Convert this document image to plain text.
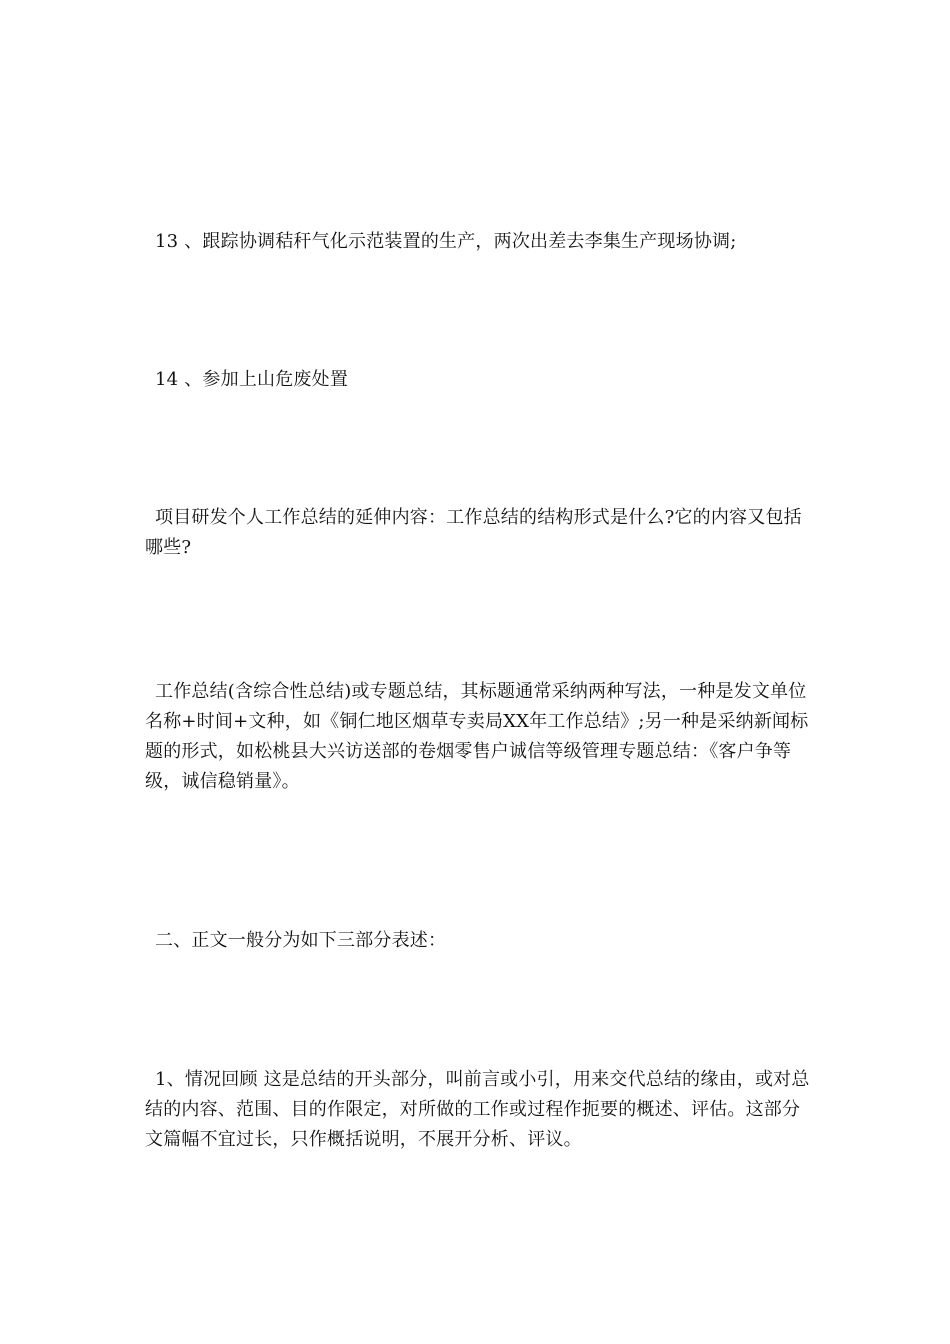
13 、跟踪协调秸秆气化示范装置的生产，两次出差去李集生产现场协调;

14 、参加上山危废处置

项目研发个人工作总结的延伸内容：工作总结的结构形式是什么?它的内容又包括哪些?

工作总结(含综合性总结)或专题总结，其标题通常采纳两种写法，一种是发文单位名称+时间+文种，如《铜仁地区烟草专卖局XX年工作总结》;另一种是采纳新闻标题的形式，如松桃县大兴访送部的卷烟零售户诚信等级管理专题总结：《客户争等级，诚信稳销量》。

二、正文一般分为如下三部分表述：

1、情况回顾 这是总结的开头部分，叫前言或小引，用来交代总结的缘由，或对总结的内容、范围、目的作限定，对所做的工作或过程作扼要的概述、评估。这部分文篇幅不宜过长，只作概括说明，不展开分析、评议。
